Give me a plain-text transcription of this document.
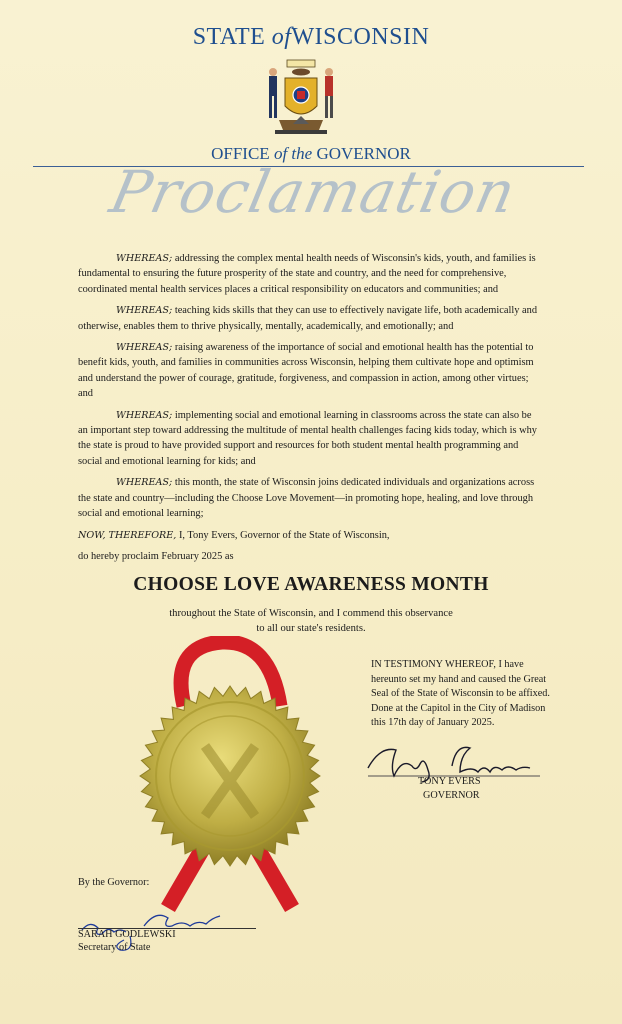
STATE ofWISCONSIN
OFFICE of the GOVERNOR
Proclamation

WHEREAS; addressing the complex mental health needs of Wisconsin's kids, youth, and families is fundamental to ensuring the future prosperity of the state and country, and the need for comprehensive, coordinated mental health services places a critical responsibility on educators and communities; and

WHEREAS; teaching kids skills that they can use to effectively navigate life, both academically and otherwise, enables them to thrive physically, mentally, academically, and emotionally; and

WHEREAS; raising awareness of the importance of social and emotional health has the potential to benefit kids, youth, and families in communities across Wisconsin, helping them cultivate hope and optimism and understand the power of courage, gratitude, forgiveness, and compassion in action, among other virtues; and

WHEREAS; implementing social and emotional learning in classrooms across the state can also be an important step toward addressing the multitude of mental health challenges facing kids today, which is why the state is proud to have provided support and resources for both student mental health programming and social and emotional learning for kids; and

WHEREAS; this month, the state of Wisconsin joins dedicated individuals and organizations across the state and country—including the Choose Love Movement—in promoting hope, healing, and love through social and emotional learning;

NOW, THEREFORE, I, Tony Evers, Governor of the State of Wisconsin,

do hereby proclaim February 2025 as

CHOOSE LOVE AWARENESS MONTH
throughout the State of Wisconsin, and I commend this observance
to all our state's residents.
IN TESTIMONY WHEREOF, I have hereunto set my hand and caused the Great Seal of the State of Wisconsin to be affixed. Done at the Capitol in the City of Madison this 17th day of January 2025.
TONY EVERS
GOVERNOR
By the Governor:
SARAH GODLEWSKI
Secretary of State
